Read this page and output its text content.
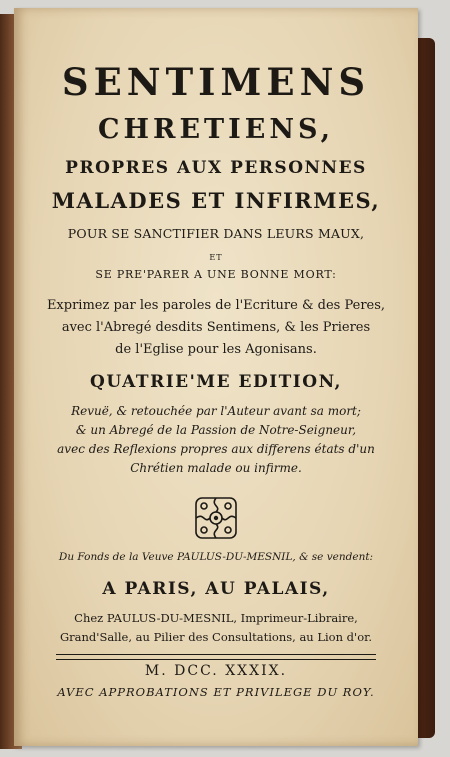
SENTIMENS
CHRETIENS,
PROPRES AUX PERSONNES
MALADES ET INFIRMES,
POUR SE SANCTIFIER DANS LEURS MAUX,
ET
SE PRE'PARER A UNE BONNE MORT:
Exprimez par les paroles de l'Ecriture & des Peres,
avec l'Abregé desdits Sentimens, & les Prieres
de l'Eglise pour les Agonisans.
QUATRIE'ME EDITION,
Revuë, & retouchée par l'Auteur avant sa mort;
& un Abregé de la Passion de Notre-Seigneur,
avec des Reflexions propres aux differens états d'un
Chrétien malade ou infirme.
Du Fonds de la Veuve PAULUS-DU-MESNIL, & se vendent:
A PARIS, AU PALAIS,
Chez PAULUS-DU-MESNIL, Imprimeur-Libraire,
Grand'Salle, au Pilier des Consultations, au Lion d'or.
M. DCC. XXXIX.
AVEC APPROBATIONS ET PRIVILEGE DU ROY.
